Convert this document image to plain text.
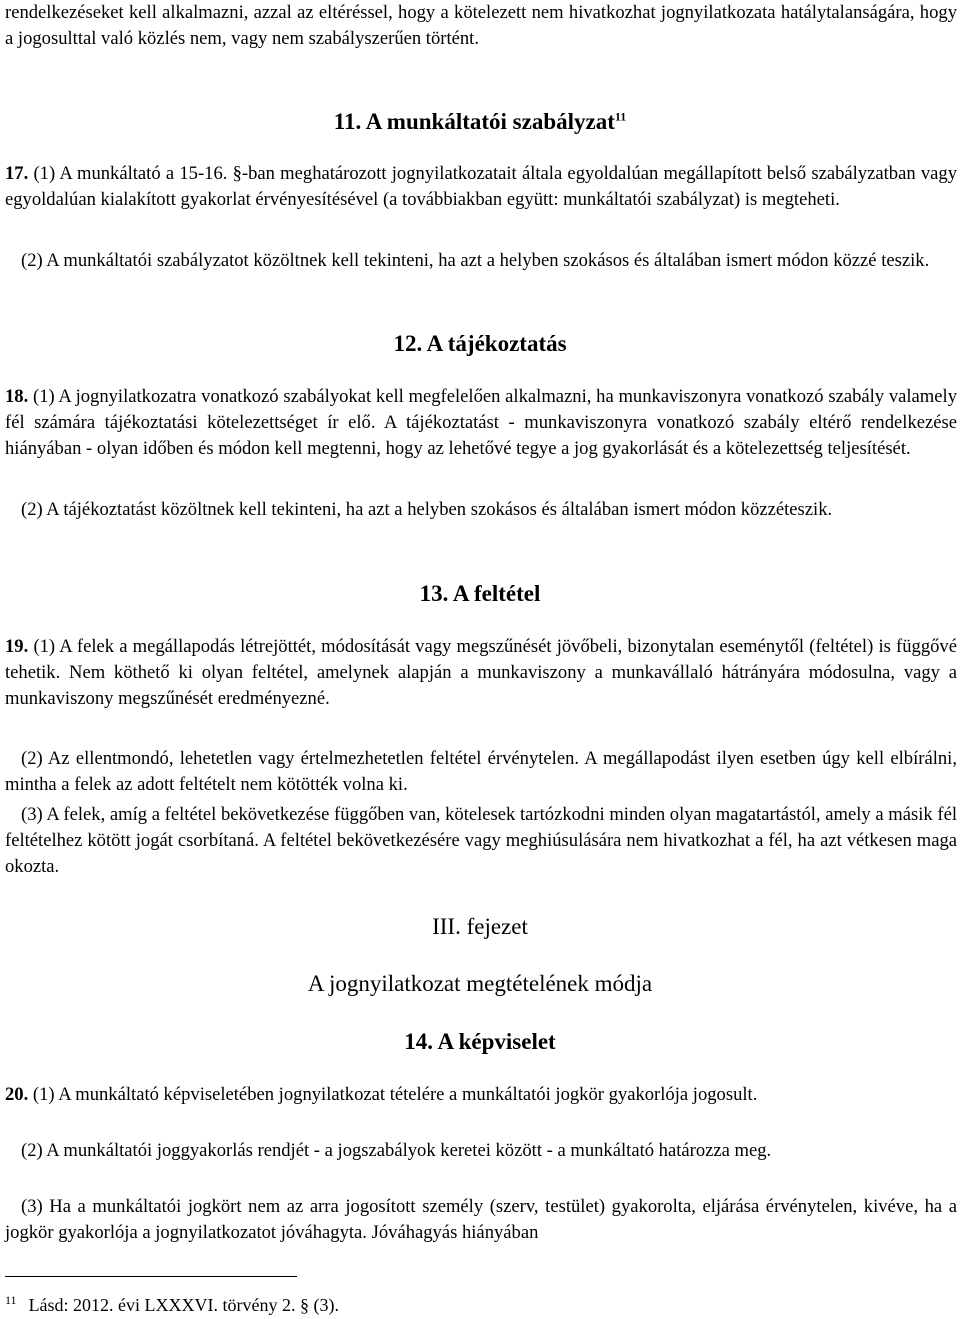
rendelkezéseket kell alkalmazni, azzal az eltéréssel, hogy a kötelezett nem hivatkozhat jognyilatkozata hatálytalanságára, hogy a jogosulttal való közlés nem, vagy nem szabályszerűen történt.

11. A munkáltatói szabályzat$^{11}$

17. (1) A munkáltató a 15-16. §-ban meghatározott jognyilatkozatait általa egyoldalúan megállapított belső szabályzatban vagy egyoldalúan kialakított gyakorlat érvényesítésével (a továbbiakban együtt: munkáltatói szabályzat) is megteheti.

(2) A munkáltatói szabályzatot közöltnek kell tekinteni, ha azt a helyben szokásos és általában ismert módon közzé teszik.

12. A tájékoztatás

18. (1) A jognyilatkozatra vonatkozó szabályokat kell megfelelően alkalmazni, ha munkaviszonyra vonatkozó szabály valamely fél számára tájékoztatási kötelezettséget ír elő. A tájékoztatást - munkaviszonyra vonatkozó szabály eltérő rendelkezése hiányában - olyan időben és módon kell megtenni, hogy az lehetővé tegye a jog gyakorlását és a kötelezettség teljesítését.

(2) A tájékoztatást közöltnek kell tekinteni, ha azt a helyben szokásos és általában ismert módon közzéteszik.

13. A feltétel

19. (1) A felek a megállapodás létrejöttét, módosítását vagy megszűnését jövőbeli, bizonytalan eseménytől (feltétel) is függővé tehetik. Nem köthető ki olyan feltétel, amelynek alapján a munkaviszony a munkavállaló hátrányára módosulna, vagy a munkaviszony megszűnését eredményezné.

(2) Az ellentmondó, lehetetlen vagy értelmezhetetlen feltétel érvénytelen. A megállapodást ilyen esetben úgy kell elbírálni, mintha a felek az adott feltételt nem kötötték volna ki.

(3) A felek, amíg a feltétel bekövetkezése függőben van, kötelesek tartózkodni minden olyan magatartástól, amely a másik fél feltételhez kötött jogát csorbítaná. A feltétel bekövetkezésére vagy meghiúsulására nem hivatkozhat a fél, ha azt vétkesen maga okozta.

III. fejezet
A jognyilatkozat megtételének módja
14. A képviselet

20. (1) A munkáltató képviseletében jognyilatkozat tételére a munkáltatói jogkör gyakorlója jogosult.

(2) A munkáltatói joggyakorlás rendjét - a jogszabályok keretei között - a munkáltató határozza meg.

(3) Ha a munkáltatói jogkört nem az arra jogosított személy (szerv, testület) gyakorolta, eljárása érvénytelen, kivéve, ha a jogkör gyakorlója a jognyilatkozatot jóváhagyta. Jóváhagyás hiányában

$^{11}$ Lásd: 2012. évi LXXXVI. törvény 2. § (3).
